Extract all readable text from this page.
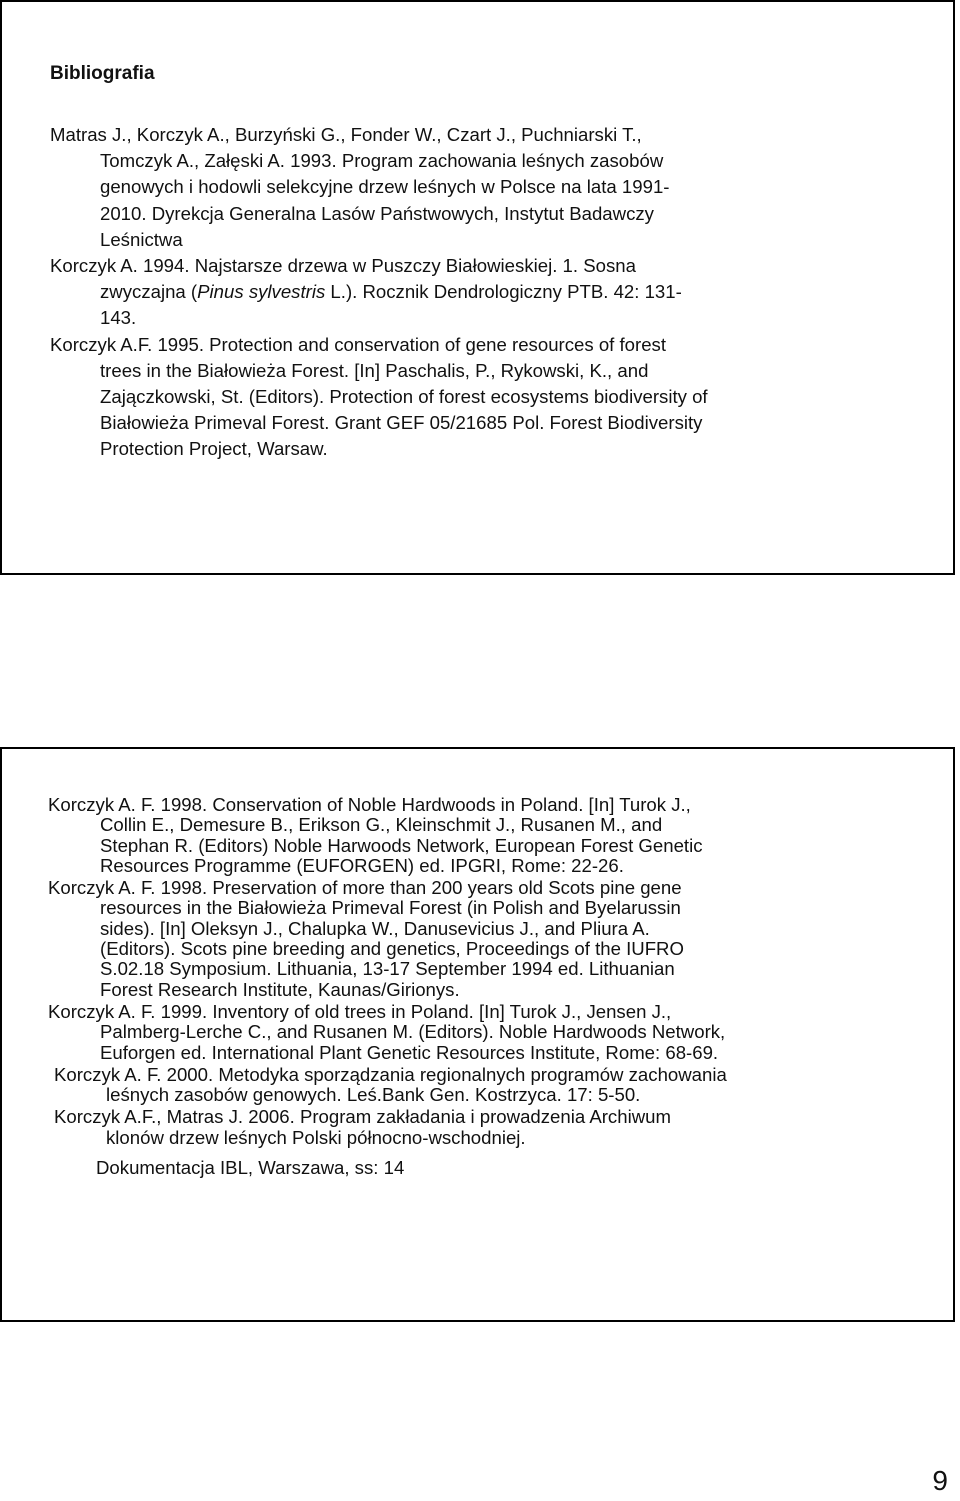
Bibliografia
Matras J., Korczyk A., Burzyński G., Fonder W., Czart J., Puchniarski T., Tomczyk A., Załęski A. 1993. Program zachowania leśnych zasobów genowych i hodowli selekcyjne drzew leśnych w Polsce na lata 1991-2010. Dyrekcja Generalna Lasów Państwowych, Instytut Badawczy Leśnictwa
Korczyk A. 1994. Najstarsze drzewa w Puszczy Białowieskiej. 1. Sosna zwyczajna (Pinus sylvestris L.). Rocznik Dendrologiczny PTB. 42: 131-143.
Korczyk A.F. 1995. Protection and conservation of gene resources of forest trees in the Białowieża Forest. [In] Paschalis, P., Rykowski, K., and Zajączkowski, St. (Editors). Protection of forest ecosystems biodiversity of Białowieża Primeval Forest. Grant GEF 05/21685 Pol. Forest Biodiversity Protection Project, Warsaw.
Korczyk A. F. 1998. Conservation of Noble Hardwoods in Poland. [In] Turok J., Collin E., Demesure B., Erikson G., Kleinschmit J., Rusanen M., and Stephan R. (Editors) Noble Harwoods Network, European Forest Genetic Resources Programme (EUFORGEN) ed. IPGRI, Rome: 22-26.
Korczyk A. F. 1998. Preservation of more than 200 years old Scots pine gene resources in the Białowieża Primeval Forest (in Polish and Byelarussin sides). [In] Oleksyn J., Chalupka W., Danusevicius J., and Pliura A. (Editors). Scots pine breeding and genetics, Proceedings of the IUFRO S.02.18 Symposium. Lithuania, 13-17 September 1994 ed. Lithuanian Forest Research Institute, Kaunas/Girionys.
Korczyk A. F. 1999. Inventory of old trees in Poland. [In] Turok J., Jensen J., Palmberg-Lerche C., and Rusanen M. (Editors). Noble Hardwoods Network, Euforgen ed. International Plant Genetic Resources Institute, Rome: 68-69.
Korczyk A. F. 2000. Metodyka sporządzania regionalnych programów zachowania leśnych zasobów genowych. Leś.Bank Gen. Kostrzyca. 17: 5-50.
Korczyk A.F., Matras J. 2006. Program zakładania i prowadzenia Archiwum klonów drzew leśnych Polski północno-wschodniej.
Dokumentacja IBL, Warszawa, ss: 14
9
